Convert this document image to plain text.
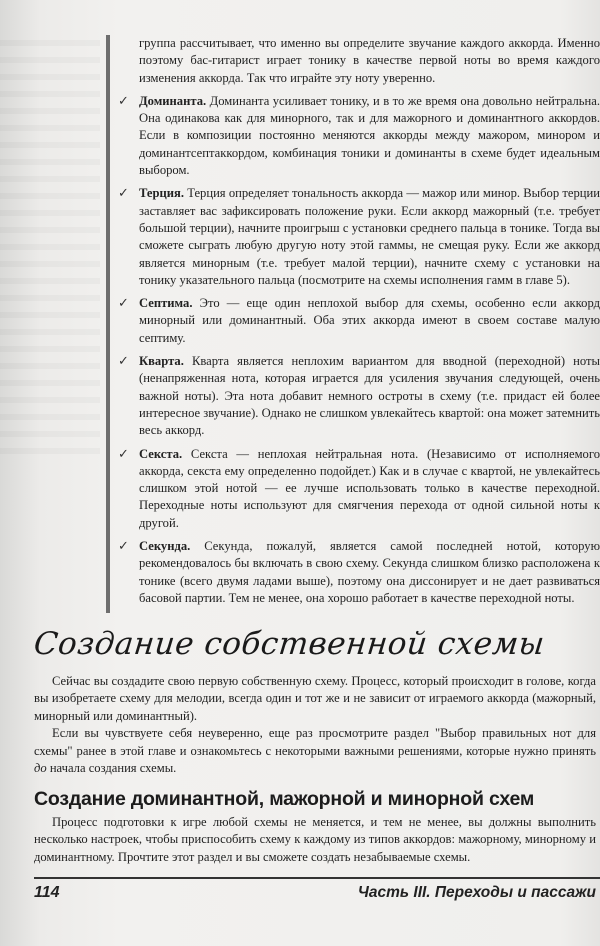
группа рассчитывает, что именно вы определите звучание каждого аккорда. Именно поэтому бас-гитарист играет тонику в качестве первой ноты во время каждого изменения аккорда. Так что играйте эту ноту уверенно.

✓ Доминанта. Доминанта усиливает тонику, и в то же время она довольно нейтральна. Она одинакова как для минорного, так и для мажорного и доминантного аккордов. Если в композиции постоянно меняются аккорды между мажором, минором и доминантсептаккордом, комбинация тоники и доминанты в схеме будет идеальным выбором.

✓ Терция. Терция определяет тональность аккорда — мажор или минор. Выбор терции заставляет вас зафиксировать положение руки. Если аккорд мажорный (т.е. требует большой терции), начните проигрыш с установки среднего пальца в тонике. Тогда вы сможете сыграть любую другую ноту этой гаммы, не смещая руку. Если же аккорд является минорным (т.е. требует малой терции), начните схему с установки на тонику указательного пальца (посмотрите на схемы исполнения гамм в главе 5).

✓ Септима. Это — еще один неплохой выбор для схемы, особенно если аккорд минорный или доминантный. Оба этих аккорда имеют в своем составе малую септиму.

✓ Кварта. Кварта является неплохим вариантом для вводной (переходной) ноты (ненапряженная нота, которая играется для усиления звучания следующей, очень важной ноты). Эта нота добавит немного остроты в схему (т.е. придаст ей более интересное звучание). Однако не слишком увлекайтесь квартой: она может затемнить весь аккорд.

✓ Секста. Секста — неплохая нейтральная нота. (Независимо от исполняемого аккорда, секста ему определенно подойдет.) Как и в случае с квартой, не увлекайтесь слишком этой нотой — ее лучше использовать только в качестве переходной. Переходные ноты используют для смягчения перехода от одной сильной ноты к другой.

✓ Секунда. Секунда, пожалуй, является самой последней нотой, которую рекомендовалось бы включать в свою схему. Секунда слишком близко расположена к тонике (всего двумя ладами выше), поэтому она диссонирует и не дает развиваться басовой партии. Тем не менее, она хорошо работает в качестве переходной ноты.

Создание собственной схемы

Сейчас вы создадите свою первую собственную схему. Процесс, который происходит в голове, когда вы изобретаете схему для мелодии, всегда один и тот же и не зависит от играемого аккорда (мажорный, минорный или доминантный).

Если вы чувствуете себя неуверенно, еще раз просмотрите раздел "Выбор правильных нот для схемы" ранее в этой главе и ознакомьтесь с некоторыми важными решениями, которые нужно принять до начала создания схемы.

Создание доминантной, мажорной и минорной схем

Процесс подготовки к игре любой схемы не меняется, и тем не менее, вы должны выполнить несколько настроек, чтобы приспособить схему к каждому из типов аккордов: мажорному, минорному и доминантному. Прочтите этот раздел и вы сможете создать незабываемые схемы.

114	Часть III. Переходы и пассажи
